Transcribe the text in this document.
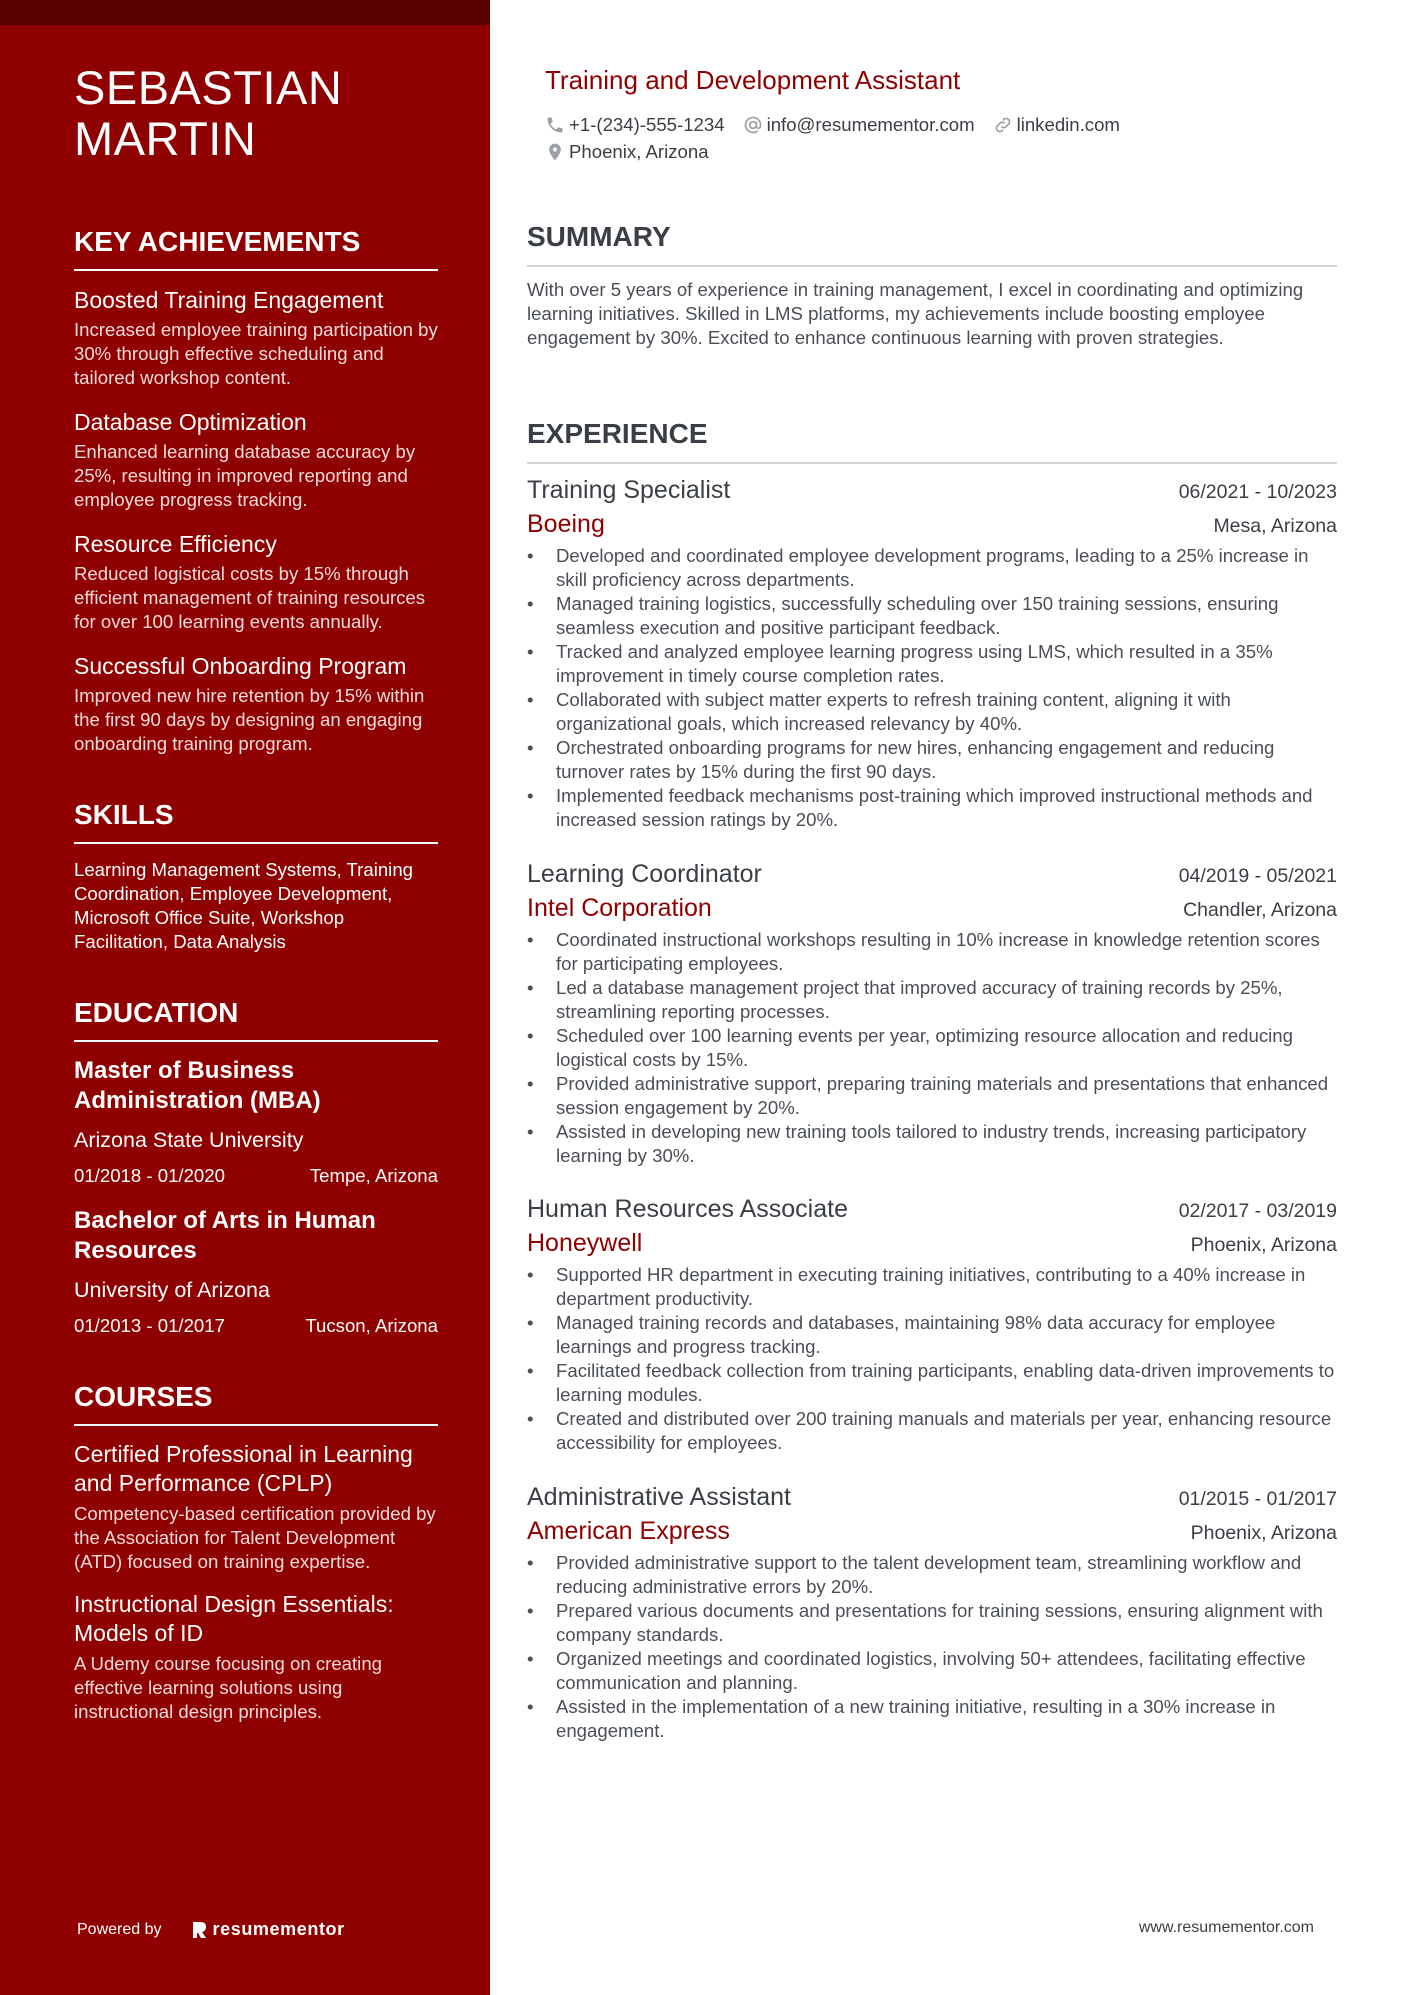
SEBASTIAN
MARTIN
KEY ACHIEVEMENTS
Boosted Training Engagement
Increased employee training participation by 30% through effective scheduling and tailored workshop content.
Database Optimization
Enhanced learning database accuracy by 25%, resulting in improved reporting and employee progress tracking.
Resource Efficiency
Reduced logistical costs by 15% through efficient management of training resources for over 100 learning events annually.
Successful Onboarding Program
Improved new hire retention by 15% within the first 90 days by designing an engaging onboarding training program.
SKILLS
Learning Management Systems, Training Coordination, Employee Development, Microsoft Office Suite, Workshop Facilitation, Data Analysis
EDUCATION
Master of Business Administration (MBA)
Arizona State University
01/2018 - 01/2020	Tempe, Arizona
Bachelor of Arts in Human Resources
University of Arizona
01/2013 - 01/2017	Tucson, Arizona
COURSES
Certified Professional in Learning and Performance (CPLP)
Competency-based certification provided by the Association for Talent Development (ATD) focused on training expertise.
Instructional Design Essentials: Models of ID
A Udemy course focusing on creating effective learning solutions using instructional design principles.
Powered by	resumementor
Training and Development Assistant
+1-(234)-555-1234 info@resumementor.com linkedin.com
Phoenix, Arizona
SUMMARY

With over 5 years of experience in training management, I excel in coordinating and optimizing learning initiatives. Skilled in LMS platforms, my achievements include boosting employee engagement by 30%. Excited to enhance continuous learning with proven strategies.

EXPERIENCE
Training Specialist	06/2021 - 10/2023
Boeing	Mesa, Arizona
• Developed and coordinated employee development programs, leading to a 25% increase in skill proficiency across departments.
• Managed training logistics, successfully scheduling over 150 training sessions, ensuring seamless execution and positive participant feedback.
• Tracked and analyzed employee learning progress using LMS, which resulted in a 35% improvement in timely course completion rates.
• Collaborated with subject matter experts to refresh training content, aligning it with organizational goals, which increased relevancy by 40%.
• Orchestrated onboarding programs for new hires, enhancing engagement and reducing turnover rates by 15% during the first 90 days.
• Implemented feedback mechanisms post-training which improved instructional methods and increased session ratings by 20%.
Learning Coordinator	04/2019 - 05/2021
Intel Corporation	Chandler, Arizona
• Coordinated instructional workshops resulting in 10% increase in knowledge retention scores for participating employees.
• Led a database management project that improved accuracy of training records by 25%, streamlining reporting processes.
• Scheduled over 100 learning events per year, optimizing resource allocation and reducing logistical costs by 15%.
• Provided administrative support, preparing training materials and presentations that enhanced session engagement by 20%.
• Assisted in developing new training tools tailored to industry trends, increasing participatory learning by 30%.
Human Resources Associate	02/2017 - 03/2019
Honeywell	Phoenix, Arizona
• Supported HR department in executing training initiatives, contributing to a 40% increase in department productivity.
• Managed training records and databases, maintaining 98% data accuracy for employee learnings and progress tracking.
• Facilitated feedback collection from training participants, enabling data-driven improvements to learning modules.
• Created and distributed over 200 training manuals and materials per year, enhancing resource accessibility for employees.
Administrative Assistant	01/2015 - 01/2017
American Express	Phoenix, Arizona
• Provided administrative support to the talent development team, streamlining workflow and reducing administrative errors by 20%.
• Prepared various documents and presentations for training sessions, ensuring alignment with company standards.
• Organized meetings and coordinated logistics, involving 50+ attendees, facilitating effective communication and planning.
• Assisted in the implementation of a new training initiative, resulting in a 30% increase in engagement.
www.resumementor.com
